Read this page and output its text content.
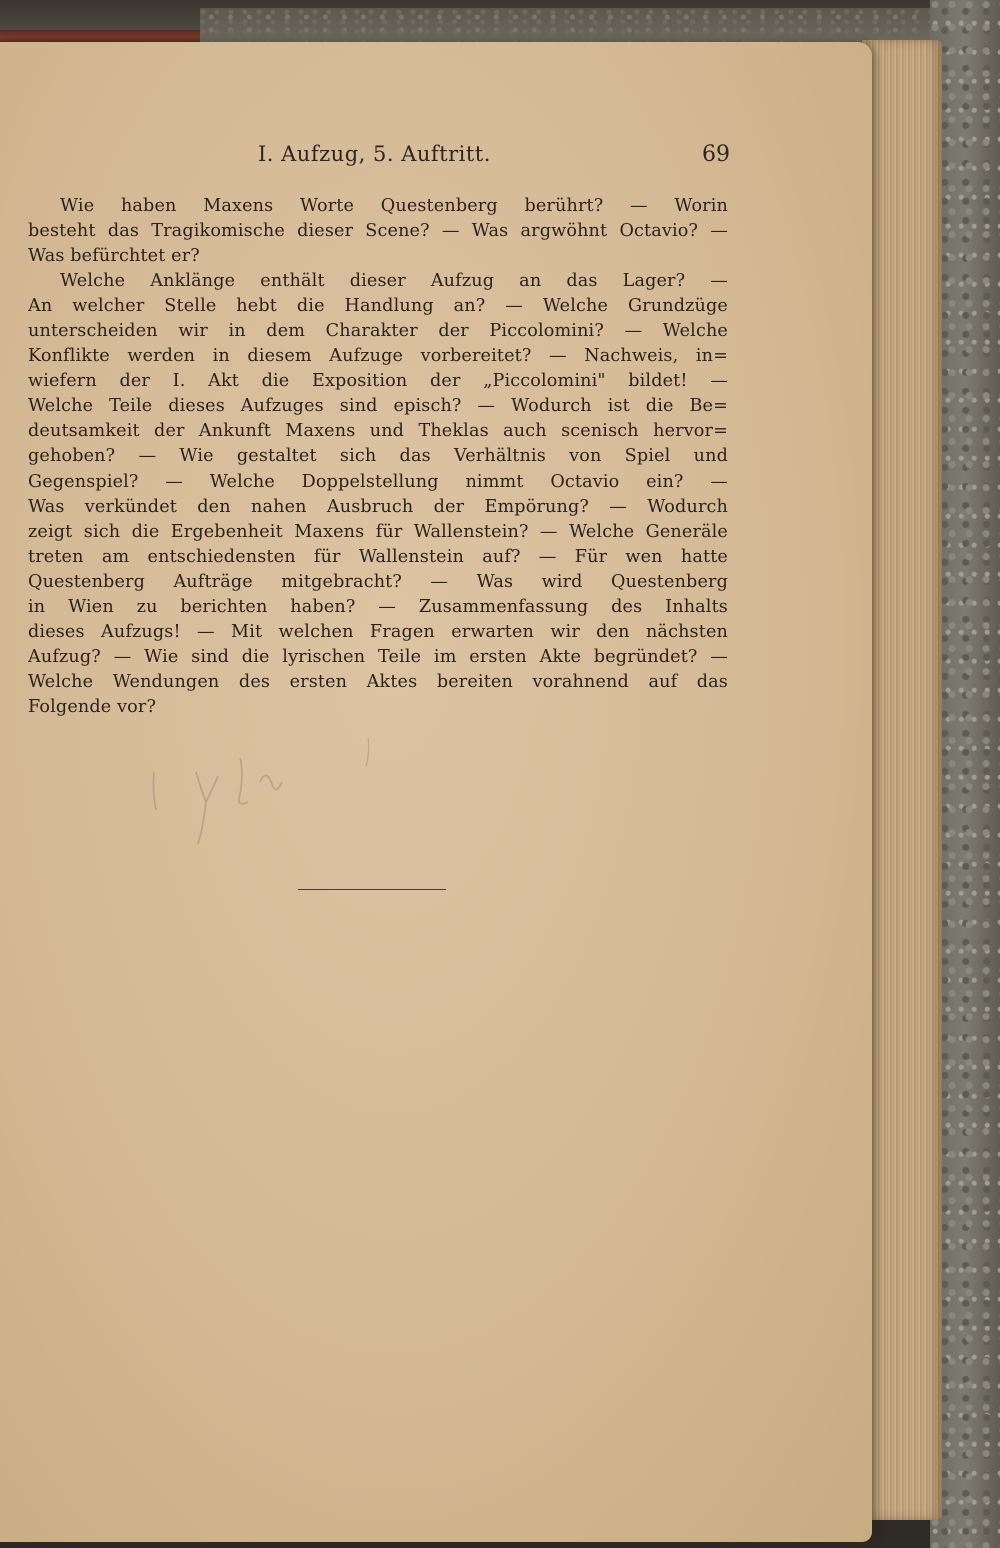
I. Aufzug, 5. Auftritt.	69
Wie haben Maxens Worte Questenberg berührt? — Worin
besteht das Tragikomische dieser Scene? — Was argwöhnt Octavio? —
Was befürchtet er?
Welche Anklänge enthält dieser Aufzug an das Lager? —
An welcher Stelle hebt die Handlung an? — Welche Grundzüge
unterscheiden wir in dem Charakter der Piccolomini? — Welche
Konflikte werden in diesem Aufzuge vorbereitet? — Nachweis, in=
wiefern der I. Akt die Exposition der „Piccolomini" bildet! —
Welche Teile dieses Aufzuges sind episch? — Wodurch ist die Be=
deutsamkeit der Ankunft Maxens und Theklas auch scenisch hervor=
gehoben? — Wie gestaltet sich das Verhältnis von Spiel und
Gegenspiel? — Welche Doppelstellung nimmt Octavio ein? —
Was verkündet den nahen Ausbruch der Empörung? — Wodurch
zeigt sich die Ergebenheit Maxens für Wallenstein? — Welche Generäle
treten am entschiedensten für Wallenstein auf? — Für wen hatte
Questenberg Aufträge mitgebracht? — Was wird Questenberg
in Wien zu berichten haben? — Zusammenfassung des Inhalts
dieses Aufzugs! — Mit welchen Fragen erwarten wir den nächsten
Aufzug? — Wie sind die lyrischen Teile im ersten Akte begründet? —
Welche Wendungen des ersten Aktes bereiten vorahnend auf das
Folgende vor?
